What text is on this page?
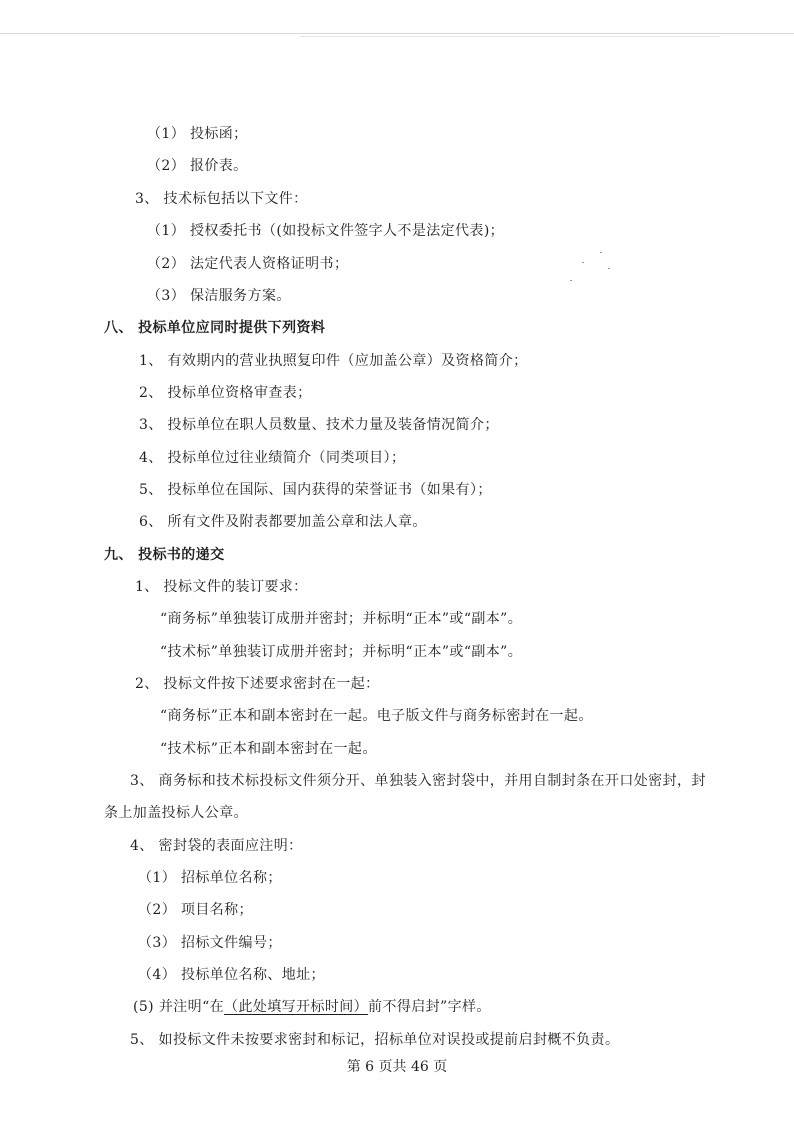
（1） 投标函；
（2） 报价表。
3、 技术标包括以下文件：
（1） 授权委托书（(如投标文件签字人不是法定代表)；
（2） 法定代表人资格证明书；
（3） 保洁服务方案。
八、 投标单位应同时提供下列资料
1、 有效期内的营业执照复印件（应加盖公章）及资格简介；
2、 投标单位资格审查表；
3、 投标单位在职人员数量、技术力量及装备情况简介；
4、 投标单位过往业绩简介（同类项目）；
5、 投标单位在国际、国内获得的荣誉证书（如果有）；
6、 所有文件及附表都要加盖公章和法人章。
九、 投标书的递交
1、 投标文件的装订要求：
“商务标”单独装订成册并密封；并标明“正本”或“副本”。
“技术标”单独装订成册并密封；并标明“正本”或“副本”。
2、 投标文件按下述要求密封在一起：
“商务标”正本和副本密封在一起。电子版文件与商务标密封在一起。
“技术标”正本和副本密封在一起。
3、 商务标和技术标投标文件须分开、单独装入密封袋中，并用自制封条在开口处密封，封
条上加盖投标人公章。
4、 密封袋的表面应注明：
（1） 招标单位名称；
（2） 项目名称；
（3） 招标文件编号；
（4） 投标单位名称、地址；
(5) 并注明“在（此处填写开标时间）前不得启封”字样。
5、 如投标文件未按要求密封和标记，招标单位对误投或提前启封概不负责。
第 6 页共 46 页
